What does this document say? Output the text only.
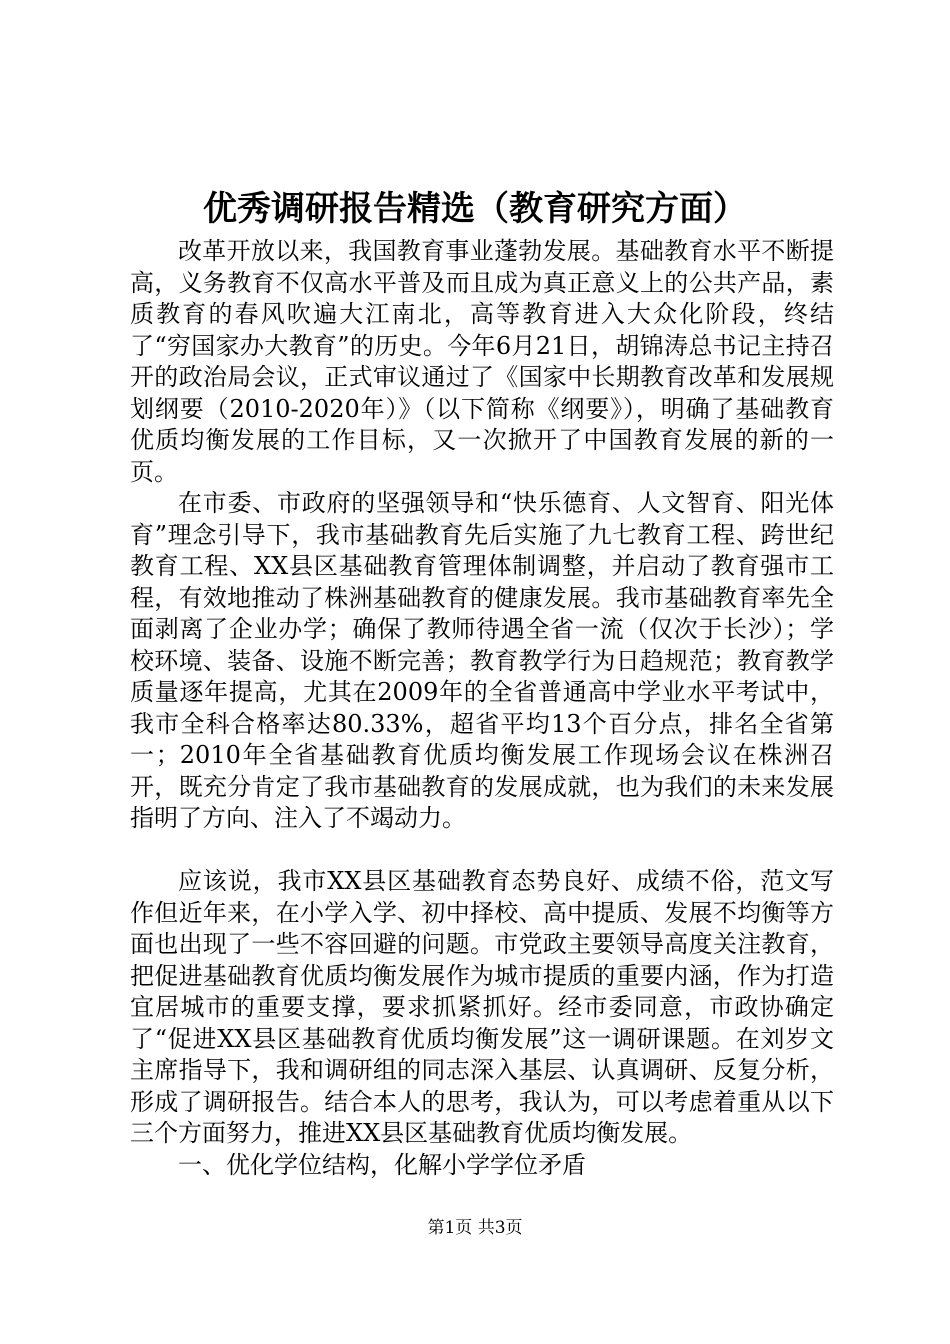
优秀调研报告精选（教育研究方面）

改革开放以来，我国教育事业蓬勃发展。基础教育水平不断提高，义务教育不仅高水平普及而且成为真正意义上的公共产品，素质教育的春风吹遍大江南北，高等教育进入大众化阶段，终结了“穷国家办大教育”的历史。今年6月21日，胡锦涛总书记主持召开的政治局会议，正式审议通过了《国家中长期教育改革和发展规划纲要（2010-2020年）》（以下简称《纲要》），明确了基础教育优质均衡发展的工作目标，又一次掀开了中国教育发展的新的一页。

在市委、市政府的坚强领导和“快乐德育、人文智育、阳光体育”理念引导下，我市基础教育先后实施了九七教育工程、跨世纪教育工程、XX县区基础教育管理体制调整，并启动了教育强市工程，有效地推动了株洲基础教育的健康发展。我市基础教育率先全面剥离了企业办学；确保了教师待遇全省一流（仅次于长沙）；学校环境、装备、设施不断完善；教育教学行为日趋规范；教育教学质量逐年提高，尤其在2009年的全省普通高中学业水平考试中，我市全科合格率达80.33%，超省平均13个百分点，排名全省第一；2010年全省基础教育优质均衡发展工作现场会议在株洲召开，既充分肯定了我市基础教育的发展成就，也为我们的未来发展指明了方向、注入了不竭动力。

应该说，我市XX县区基础教育态势良好、成绩不俗，范文写作但近年来，在小学入学、初中择校、高中提质、发展不均衡等方面也出现了一些不容回避的问题。市党政主要领导高度关注教育，把促进基础教育优质均衡发展作为城市提质的重要内涵，作为打造宜居城市的重要支撑，要求抓紧抓好。经市委同意，市政协确定了“促进XX县区基础教育优质均衡发展”这一调研课题。在刘岁文主席指导下，我和调研组的同志深入基层、认真调研、反复分析，形成了调研报告。结合本人的思考，我认为，可以考虑着重从以下三个方面努力，推进XX县区基础教育优质均衡发展。

一、优化学位结构，化解小学学位矛盾

第1页 共3页
